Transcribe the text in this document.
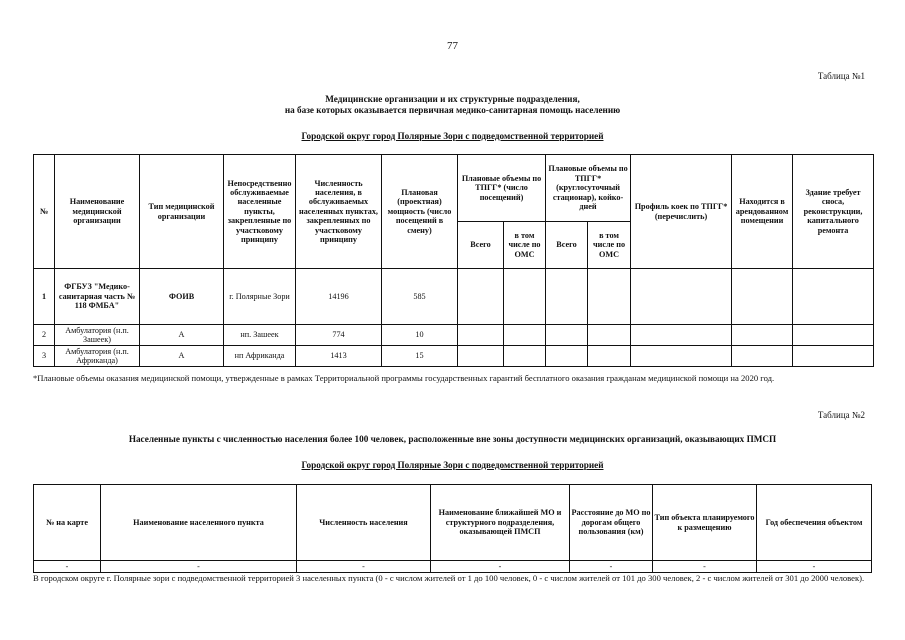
77
Таблица №1
Медицинские организации и их структурные подразделения,
на базе которых оказывается первичная медико-санитарная помощь населению
Городской округ город Полярные Зори с подведомственной территорией
№	Наименование медицинской организации	Тип медицинской организации	Непосредственно обслуживаемые населенные пункты, закрепленные по участковому принципу	Численность населения, в обслуживаемых населенных пунктах, закрепленных по участковому принципу	Плановая (проектная) мощность (число посещений в смену)	Плановые объемы по ТПГГ* (число посещений)		Плановые объемы по ТПГГ* (круглосуточный стационар), койко-дней		Профиль коек по ТПГГ* (перечислить)	Находится в арендованном помещении	Здание требует сноса, реконструкции, капитального ремонта
						Всего	в том числе по ОМС	Всего	в том числе по ОМС			
1	ФГБУЗ "Медико-санитарная часть № 118 ФМБА"	ФОИВ	г. Полярные Зори	14196	585							
2	Амбулатория (н.п. Зашеек)	А	нп. Зашеек	774	10							
3	Амбулатория (н.п. Африканда)	А	нп Африканда	1413	15							
*Плановые объемы оказания медицинской помощи, утвержденные в рамках Территориальной программы государственных гарантий бесплатного оказания гражданам медицинской помощи на 2020 год.
Таблица №2
Населенные пункты с численностью населения более 100 человек, расположенные вне зоны доступности медицинских организаций, оказывающих ПМСП
Городской округ город Полярные Зори с подведомственной территорией
№ на карте	Наименование населенного пункта	Численность населения	Наименование ближайшей МО и структурного подразделения, оказывающей ПМСП	Расстояние до МО по дорогам общего пользования (км)	Тип объекта планируемого к размещению	Год обеспечения объектом
-	-	-	-	-	-	-
В городском округе г. Полярные зори с подведомственной территорией 3 населенных пункта (0 - с числом жителей от 1 до 100 человек, 0 - с числом жителей от 101 до 300 человек, 2 - с числом жителей от 301 до 2000 человек).
